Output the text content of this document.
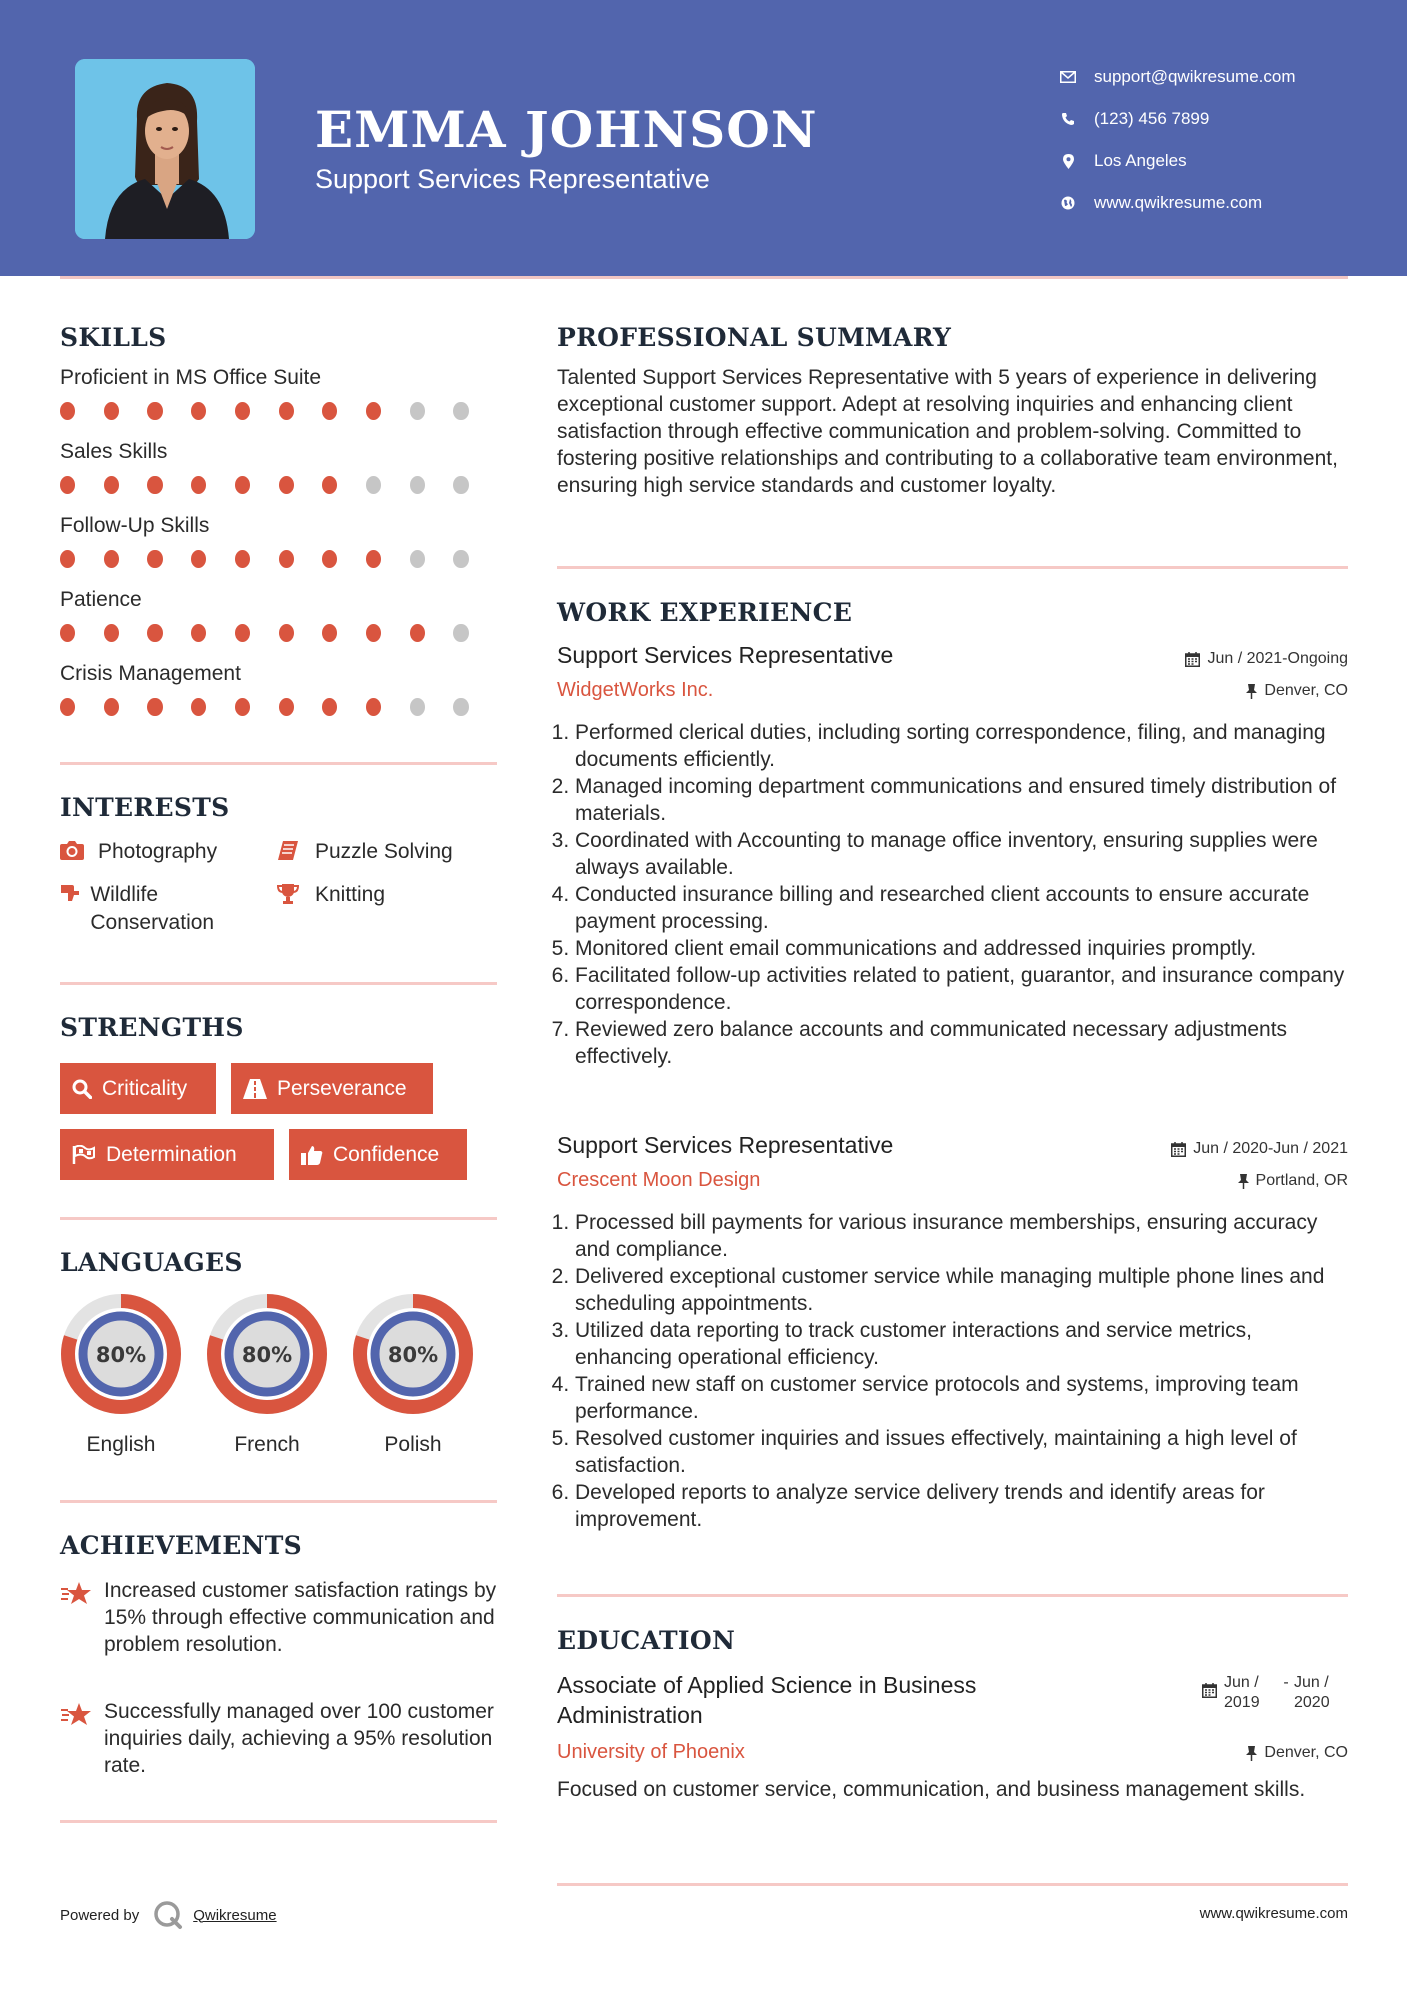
EMMA JOHNSON
Support Services Representative
support@qwikresume.com
(123) 456 7899
Los Angeles
www.qwikresume.com
SKILLS
Proficient in MS Office Suite
Sales Skills
Follow-Up Skills
Patience
Crisis Management
INTERESTS
Photography	Puzzle Solving
Wildlife Conservation
Knitting
STRENGTHS
Criticality	Perseverance
Determination	Confidence
LANGUAGES
80%
English
80%
French
80%
Polish
ACHIEVEMENTS
Increased customer satisfaction ratings by 15% through effective communication and problem resolution.
Successfully managed over 100 customer inquiries daily, achieving a 95% resolution rate.
PROFESSIONAL SUMMARY
Talented Support Services Representative with 5 years of experience in delivering exceptional customer support. Adept at resolving inquiries and enhancing client satisfaction through effective communication and problem-solving. Committed to fostering positive relationships and contributing to a collaborative team environment, ensuring high service standards and customer loyalty.
WORK EXPERIENCE
Support Services Representative
WidgetWorks Inc.
Jun / 2021-Ongoing
Denver, CO
1. Performed clerical duties, including sorting correspondence, filing, and managing documents efficiently.
2. Managed incoming department communications and ensured timely distribution of materials.
3. Coordinated with Accounting to manage office inventory, ensuring supplies were always available.
4. Conducted insurance billing and researched client accounts to ensure accurate payment processing.
5. Monitored client email communications and addressed inquiries promptly.
6. Facilitated follow-up activities related to patient, guarantor, and insurance company correspondence.
7. Reviewed zero balance accounts and communicated necessary adjustments effectively.
Support Services Representative
Crescent Moon Design
Jun / 2020-Jun / 2021
Portland, OR
1. Processed bill payments for various insurance memberships, ensuring accuracy and compliance.
2. Delivered exceptional customer service while managing multiple phone lines and scheduling appointments.
3. Utilized data reporting to track customer interactions and service metrics, enhancing operational efficiency.
4. Trained new staff on customer service protocols and systems, improving team performance.
5. Resolved customer inquiries and issues effectively, maintaining a high level of satisfaction.
6. Developed reports to analyze service delivery trends and identify areas for improvement.
EDUCATION
Associate of Applied Science in Business Administration
Jun / 2019
- Jun / 2020
University of Phoenix	Denver, CO
Focused on customer service, communication, and business management skills.
Powered by	Qwikresume	www.qwikresume.com
